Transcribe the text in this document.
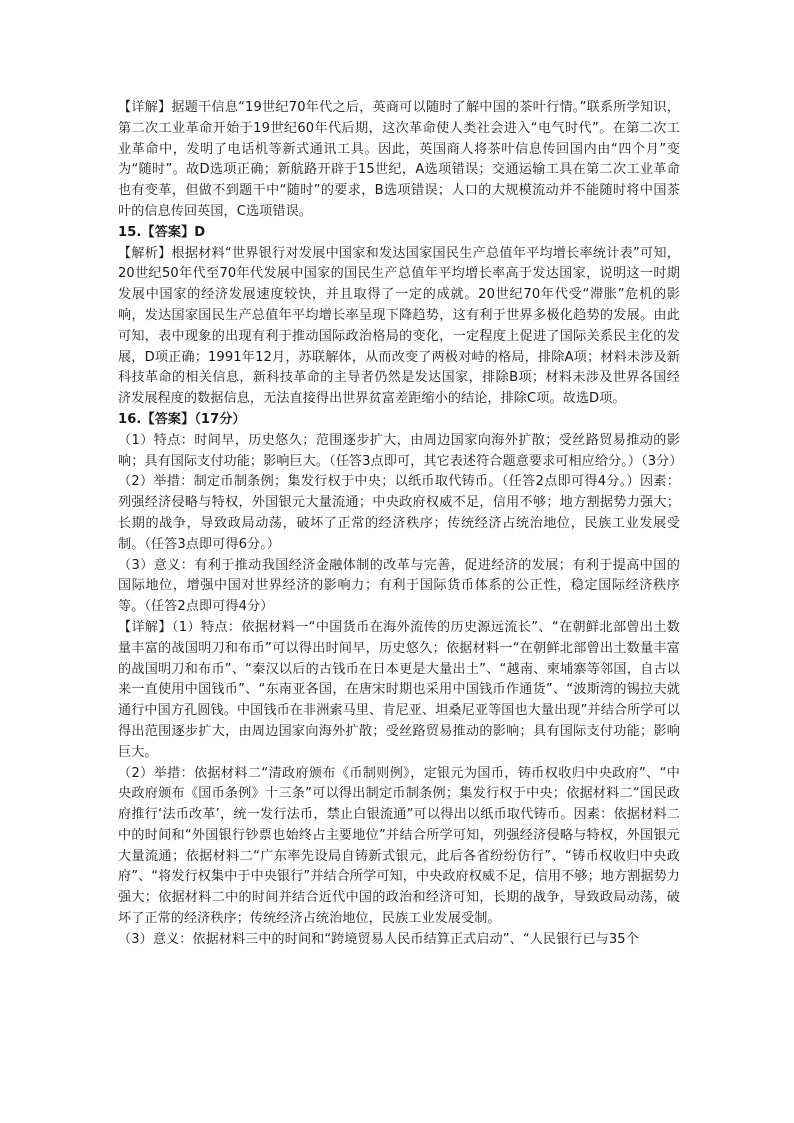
【详解】据题干信息“19世纪70年代之后，英商可以随时了解中国的茶叶行情。”联系所学知识，第二次工业革命开始于19世纪60年代后期，这次革命使人类社会进入“电气时代”。在第二次工业革命中，发明了电话机等新式通讯工具。因此，英国商人将茶叶信息传回国内由“四个月”变为“随时”。故D选项正确；新航路开辟于15世纪，A选项错误；交通运输工具在第二次工业革命也有变革，但做不到题干中“随时”的要求，B选项错误；人口的大规模流动并不能随时将中国茶叶的信息传回英国，C选项错误。

15.【答案】D

【解析】根据材料“世界银行对发展中国家和发达国家国民生产总值年平均增长率统计表”可知，20世纪50年代至70年代发展中国家的国民生产总值年平均增长率高于发达国家，说明这一时期发展中国家的经济发展速度较快，并且取得了一定的成就。20世纪70年代受“滞胀”危机的影响，发达国家国民生产总值年平均增长率呈现下降趋势，这有利于世界多极化趋势的发展。由此可知，表中现象的出现有利于推动国际政治格局的变化，一定程度上促进了国际关系民主化的发展，D项正确；1991年12月，苏联解体，从而改变了两极对峙的格局，排除A项；材料未涉及新科技革命的相关信息，新科技革命的主导者仍然是发达国家，排除B项；材料未涉及世界各国经济发展程度的数据信息，无法直接得出世界贫富差距缩小的结论，排除C项。故选D项。

16.【答案】（17分）

（1）特点：时间早，历史悠久；范围逐步扩大，由周边国家向海外扩散；受丝路贸易推动的影响；具有国际支付功能；影响巨大。（任答3点即可，其它表述符合题意要求可相应给分。）（3分）

（2）举措：制定币制条例；集发行权于中央；以纸币取代铸币。（任答2点即可得4分。）因素：列强经济侵略与特权，外国银元大量流通；中央政府权威不足，信用不够；地方割据势力强大；长期的战争，导致政局动荡，破坏了正常的经济秩序；传统经济占统治地位，民族工业发展受制。（任答3点即可得6分。）

（3）意义：有利于推动我国经济金融体制的改革与完善，促进经济的发展；有利于提高中国的国际地位，增强中国对世界经济的影响力；有利于国际货币体系的公正性，稳定国际经济秩序等。（任答2点即可得4分）

【详解】（1）特点：依据材料一“中国货币在海外流传的历史源远流长”、“在朝鲜北部曾出土数量丰富的战国明刀和布币”可以得出时间早，历史悠久；依据材料一“在朝鲜北部曾出土数量丰富的战国明刀和布币”、“秦汉以后的古钱币在日本更是大量出土”、“越南、柬埔寨等邻国，自古以来一直使用中国钱币”、“东南亚各国，在唐宋时期也采用中国钱币作通货”、“波斯湾的锡拉夫就通行中国方孔圆钱。中国钱币在非洲索马里、肯尼亚、坦桑尼亚等国也大量出现”并结合所学可以得出范围逐步扩大，由周边国家向海外扩散；受丝路贸易推动的影响；具有国际支付功能；影响巨大。

（2）举措：依据材料二“清政府颁布《币制则例》，定银元为国币，铸币权收归中央政府”、“中央政府颁布《国币条例》十三条”可以得出制定币制条例；集发行权于中央；依据材料二“国民政府推行‘法币改革’，统一发行法币，禁止白银流通”可以得出以纸币取代铸币。因素：依据材料二中的时间和“外国银行钞票也始终占主要地位”并结合所学可知，列强经济侵略与特权，外国银元大量流通；依据材料二“广东率先设局自铸新式银元，此后各省纷纷仿行”、“铸币权收归中央政府”、“将发行权集中于中央银行”并结合所学可知，中央政府权威不足，信用不够；地方割据势力强大；依据材料二中的时间并结合近代中国的政治和经济可知，长期的战争，导致政局动荡，破坏了正常的经济秩序；传统经济占统治地位，民族工业发展受制。

（3）意义：依据材料三中的时间和“跨境贸易人民币结算正式启动”、“人民银行已与35个
